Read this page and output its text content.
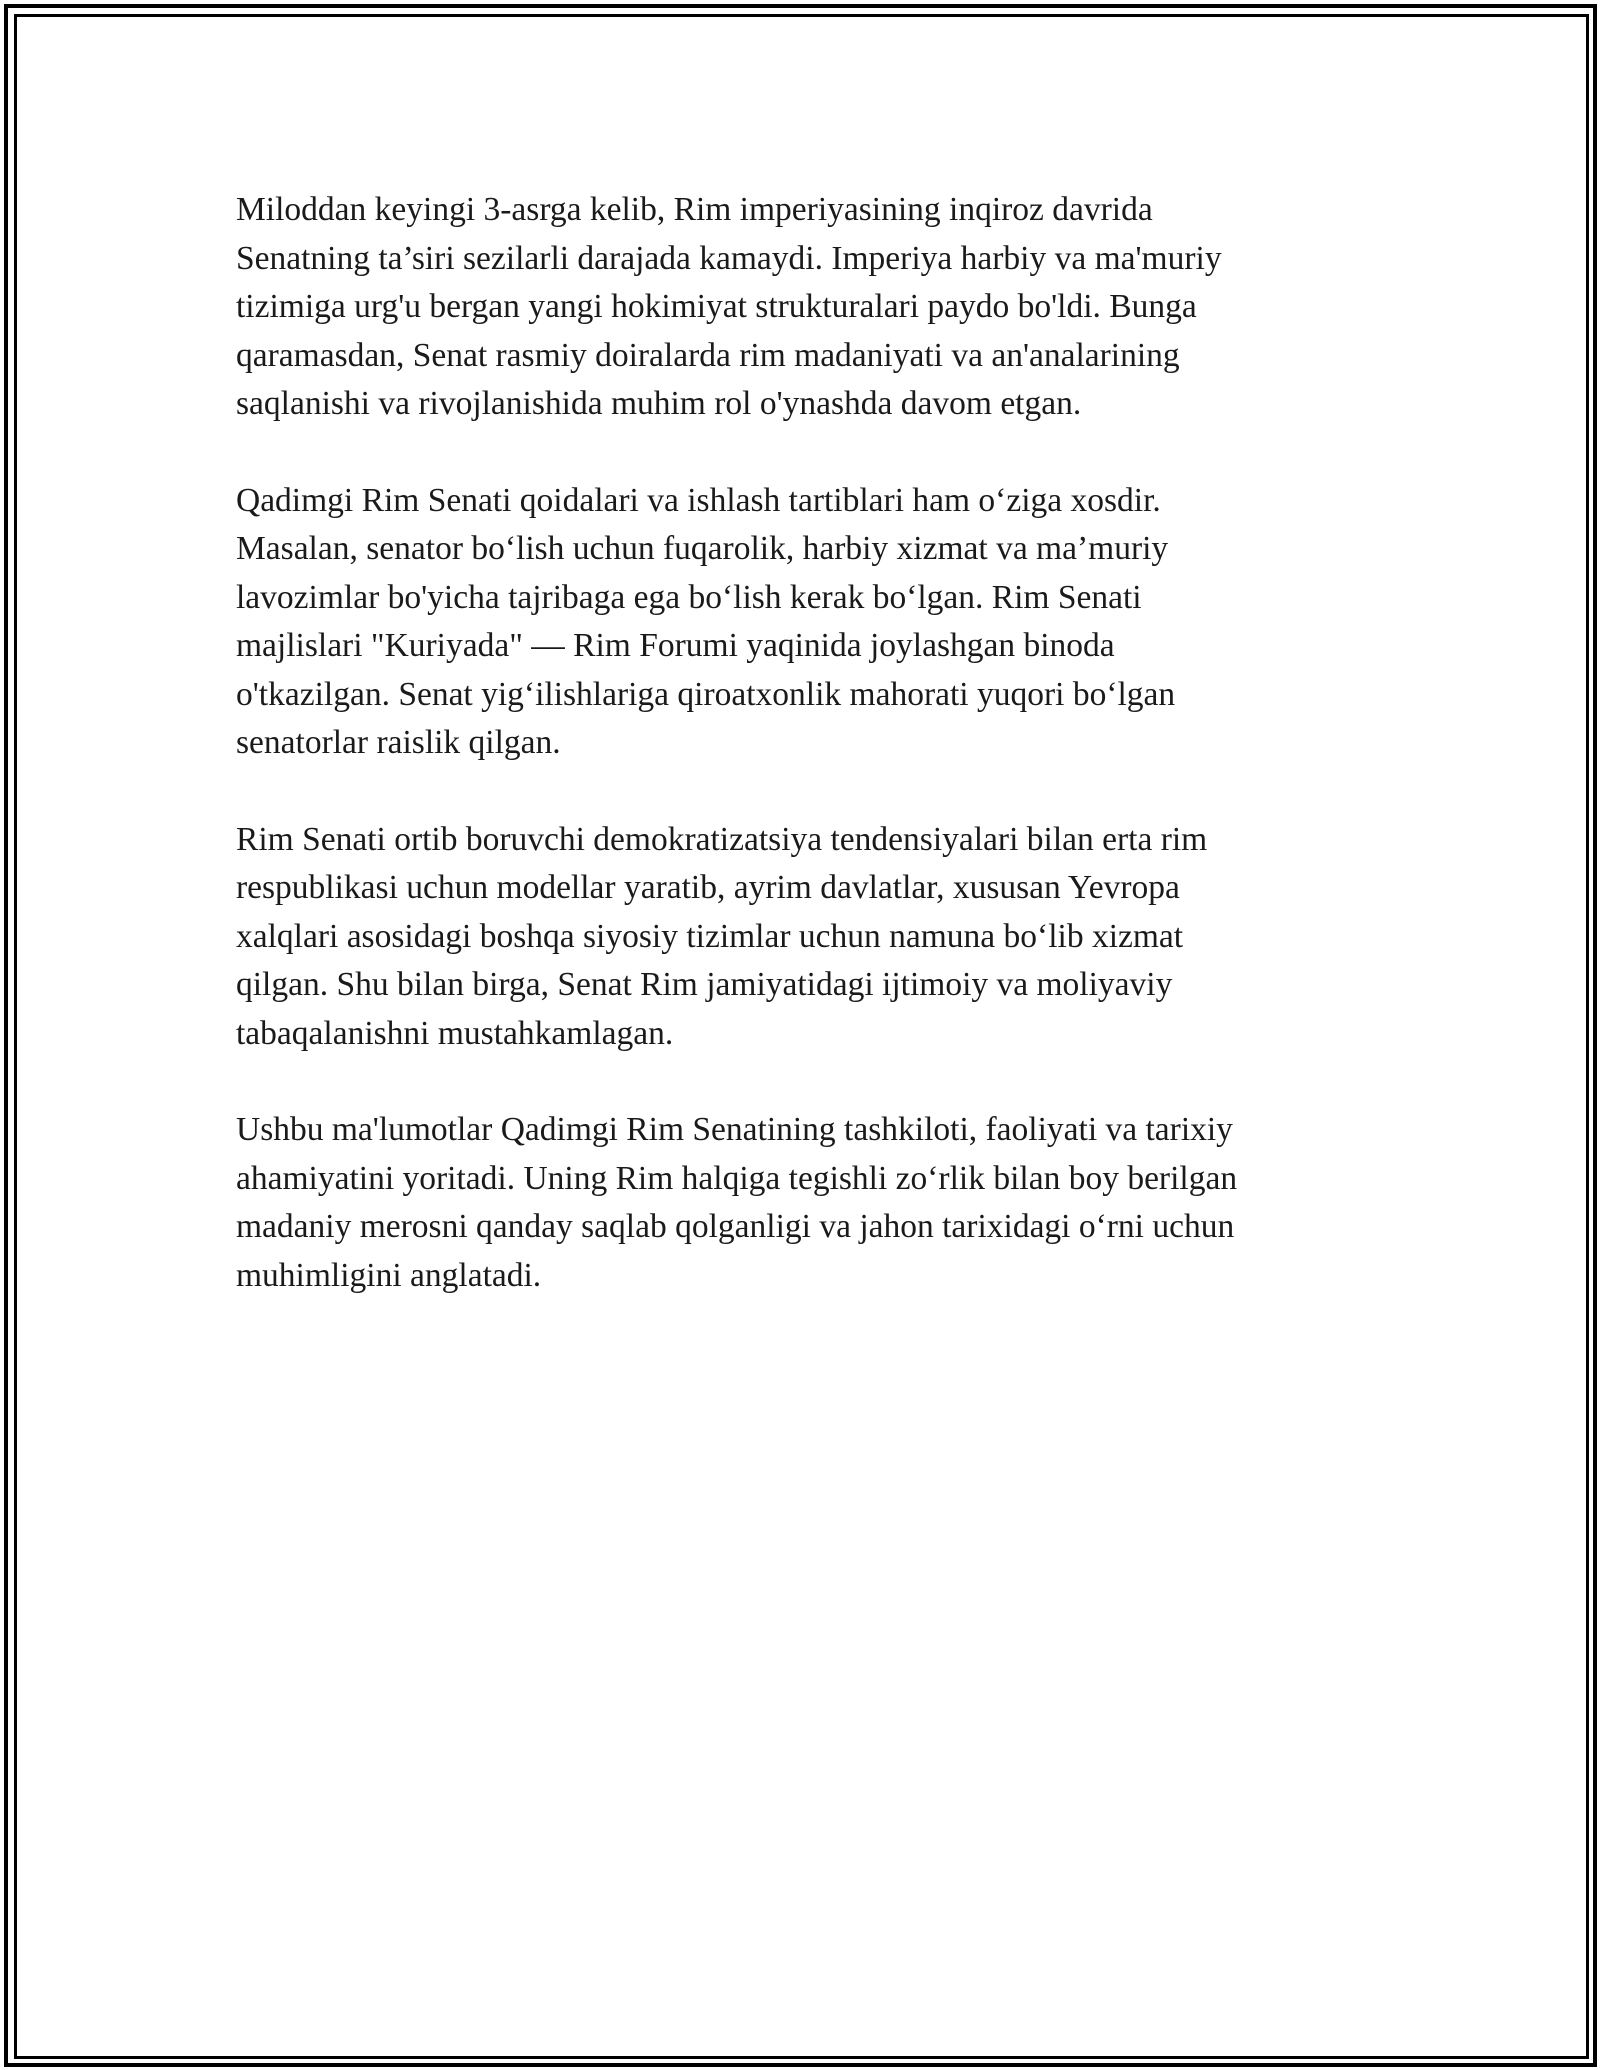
Miloddan keyingi 3-asrga kelib, Rim imperiyasining inqiroz davrida
Senatning ta’siri sezilarli darajada kamaydi. Imperiya harbiy va ma'muriy
tizimiga urg'u bergan yangi hokimiyat strukturalari paydo bo'ldi. Bunga
qaramasdan, Senat rasmiy doiralarda rim madaniyati va an'analarining
saqlanishi va rivojlanishida muhim rol o'ynashda davom etgan.

Qadimgi Rim Senati qoidalari va ishlash tartiblari ham o‘ziga xosdir.
Masalan, senator bo‘lish uchun fuqarolik, harbiy xizmat va ma’muriy
lavozimlar bo'yicha tajribaga ega bo‘lish kerak bo‘lgan. Rim Senati
majlislari "Kuriyada" — Rim Forumi yaqinida joylashgan binoda
o'tkazilgan. Senat yig‘ilishlariga qiroatxonlik mahorati yuqori bo‘lgan
senatorlar raislik qilgan.

Rim Senati ortib boruvchi demokratizatsiya tendensiyalari bilan erta rim
respublikasi uchun modellar yaratib, ayrim davlatlar, xususan Yevropa
xalqlari asosidagi boshqa siyosiy tizimlar uchun namuna bo‘lib xizmat
qilgan. Shu bilan birga, Senat Rim jamiyatidagi ijtimoiy va moliyaviy
tabaqalanishni mustahkamlagan.

Ushbu ma'lumotlar Qadimgi Rim Senatining tashkiloti, faoliyati va tarixiy
ahamiyatini yoritadi. Uning Rim halqiga tegishli zo‘rlik bilan boy berilgan
madaniy merosni qanday saqlab qolganligi va jahon tarixidagi o‘rni uchun
muhimligini anglatadi.
